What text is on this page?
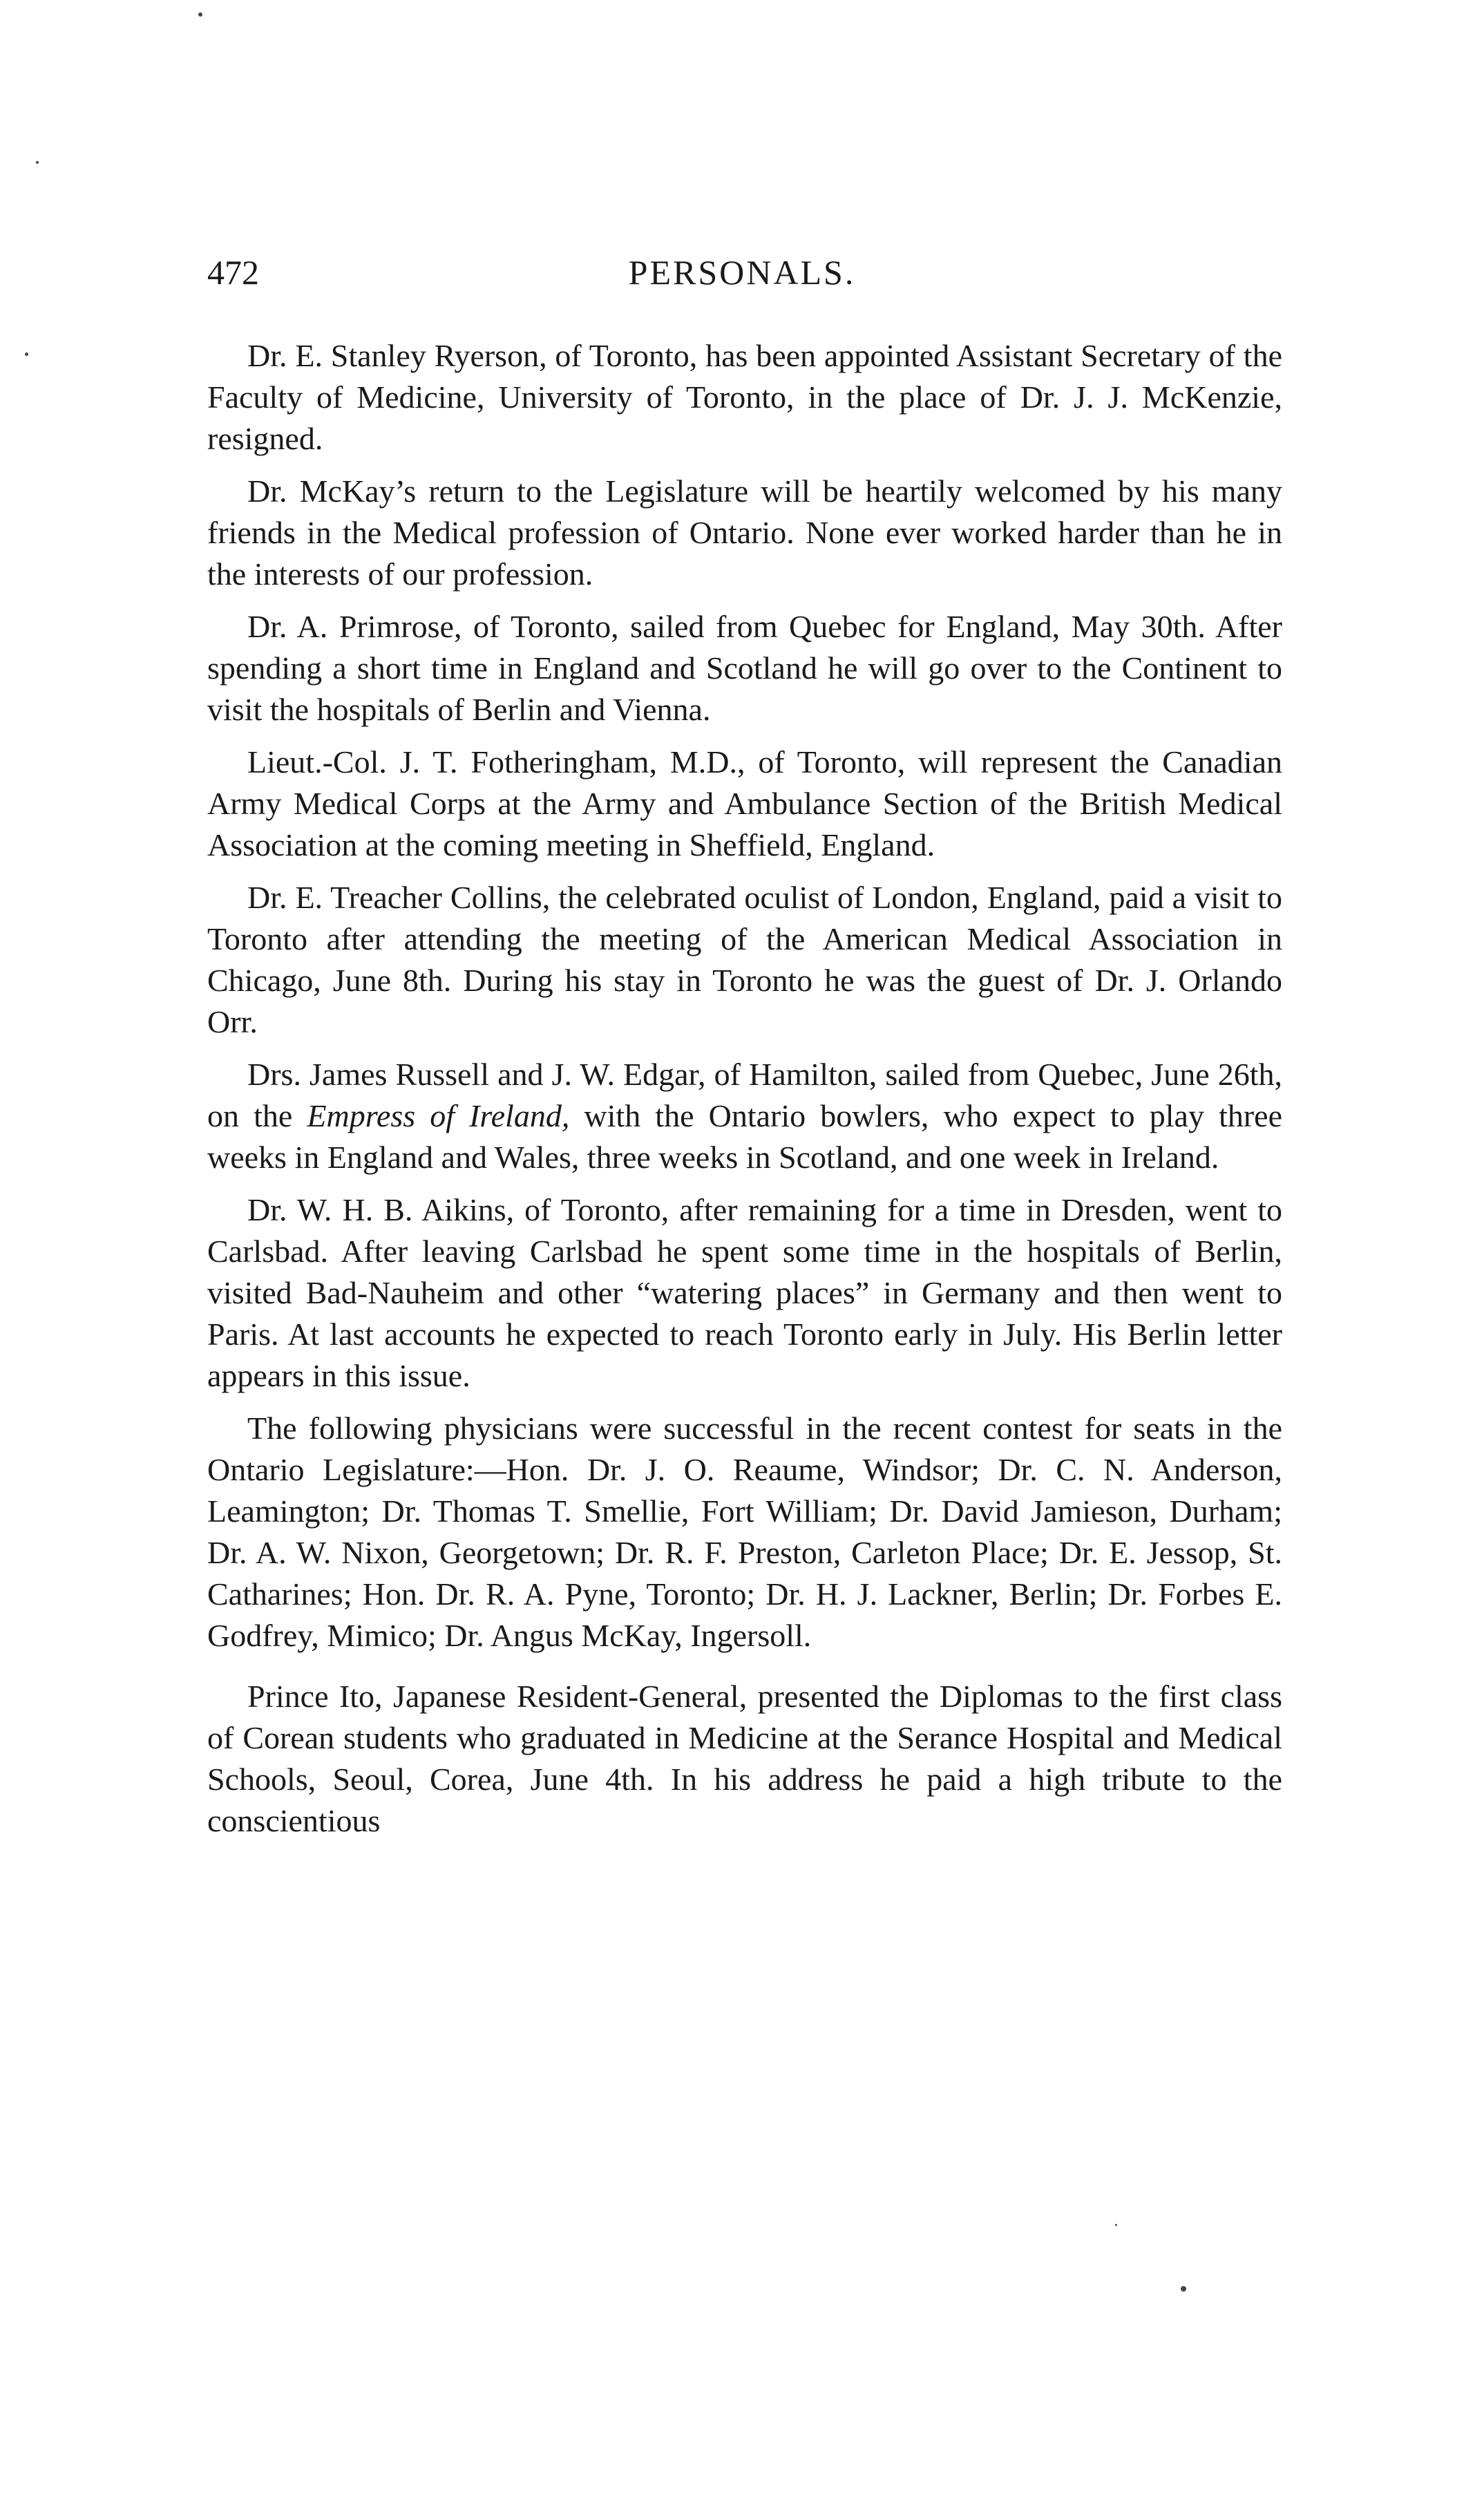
472	PERSONALS.

Dr. E. Stanley Ryerson, of Toronto, has been appointed Assistant Secretary of the Faculty of Medicine, University of Toronto, in the place of Dr. J. J. McKenzie, resigned.

Dr. McKay’s return to the Legislature will be heartily welcomed by his many friends in the Medical profession of Ontario. None ever worked harder than he in the interests of our profession.

Dr. A. Primrose, of Toronto, sailed from Quebec for England, May 30th. After spending a short time in England and Scotland he will go over to the Continent to visit the hospitals of Berlin and Vienna.

Lieut.-Col. J. T. Fotheringham, M.D., of Toronto, will represent the Canadian Army Medical Corps at the Army and Ambulance Section of the British Medical Association at the coming meeting in Sheffield, England.

Dr. E. Treacher Collins, the celebrated oculist of London, England, paid a visit to Toronto after attending the meeting of the American Medical Association in Chicago, June 8th. During his stay in Toronto he was the guest of Dr. J. Orlando Orr.

Drs. James Russell and J. W. Edgar, of Hamilton, sailed from Quebec, June 26th, on the Empress of Ireland, with the Ontario bowlers, who expect to play three weeks in England and Wales, three weeks in Scotland, and one week in Ireland.

Dr. W. H. B. Aikins, of Toronto, after remaining for a time in Dresden, went to Carlsbad. After leaving Carlsbad he spent some time in the hospitals of Berlin, visited Bad-Nauheim and other “watering places” in Germany and then went to Paris. At last accounts he expected to reach Toronto early in July. His Berlin letter appears in this issue.

The following physicians were successful in the recent contest for seats in the Ontario Legislature:—Hon. Dr. J. O. Reaume, Windsor; Dr. C. N. Anderson, Leamington; Dr. Thomas T. Smellie, Fort William; Dr. David Jamieson, Durham; Dr. A. W. Nixon, Georgetown; Dr. R. F. Preston, Carleton Place; Dr. E. Jessop, St. Catharines; Hon. Dr. R. A. Pyne, Toronto; Dr. H. J. Lackner, Berlin; Dr. Forbes E. Godfrey, Mimico; Dr. Angus McKay, Ingersoll.

Prince Ito, Japanese Resident-General, presented the Diplomas to the first class of Corean students who graduated in Medicine at the Serance Hospital and Medical Schools, Seoul, Corea, June 4th. In his address he paid a high tribute to the conscientious
